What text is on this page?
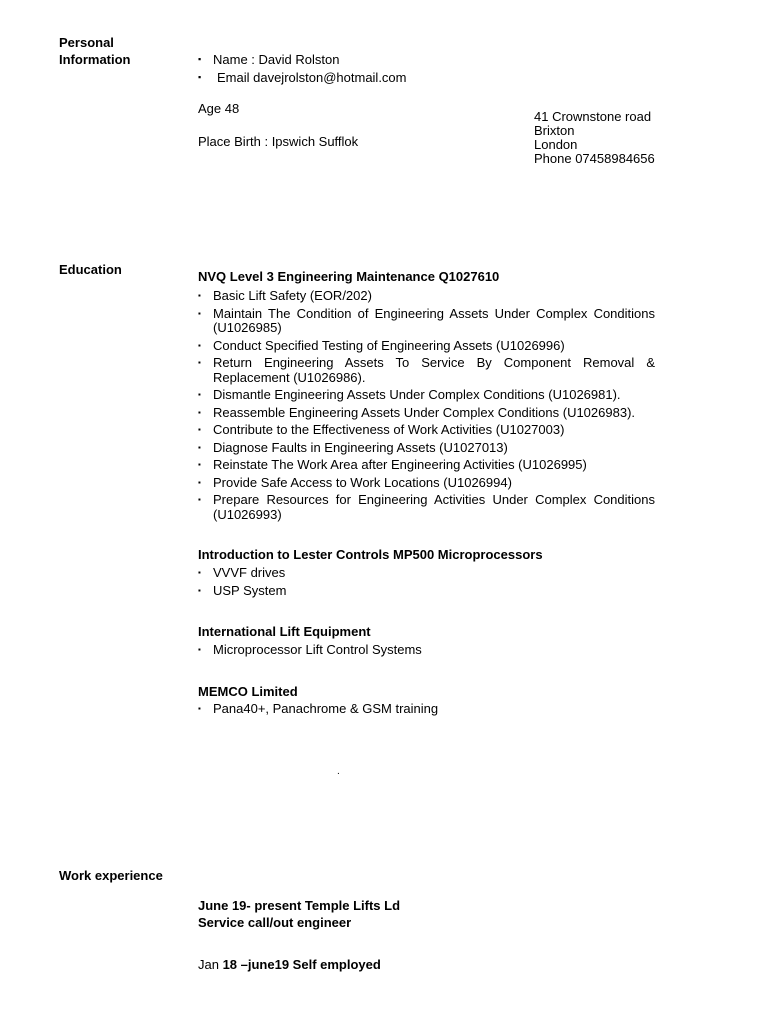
Personal
Information	▪ Name : David Rolston
▪ Email davejrolston@hotmail.com
Age 48
Place Birth : Ipswich Sufflok
41 Crownstone road
Brixton
London
Phone 07458984656
Education	NVQ Level 3 Engineering Maintenance Q1027610
▪ Basic Lift Safety (EOR/202)
▪ Maintain The Condition of Engineering Assets Under Complex Conditions (U1026985)
▪ Conduct Specified Testing of Engineering Assets (U1026996)
▪ Return Engineering Assets To Service By Component Removal & Replacement (U1026986).
▪ Dismantle Engineering Assets Under Complex Conditions (U1026981).
▪ Reassemble Engineering Assets Under Complex Conditions (U1026983).
▪ Contribute to the Effectiveness of Work Activities (U1027003)
▪ Diagnose Faults in Engineering Assets (U1027013)
▪ Reinstate The Work Area after Engineering Activities (U1026995)
▪ Provide Safe Access to Work Locations (U1026994)
▪ Prepare Resources for Engineering Activities Under Complex Conditions (U1026993)
Introduction to Lester Controls MP500 Microprocessors
▪ VVVF drives
▪ USP System
International Lift Equipment
▪ Microprocessor Lift Control Systems
MEMCO Limited
▪ Pana40+, Panachrome & GSM training
.
Work experience
June 19- present Temple Lifts Ld
Service call/out engineer
Jan 18 –june19 Self employed
